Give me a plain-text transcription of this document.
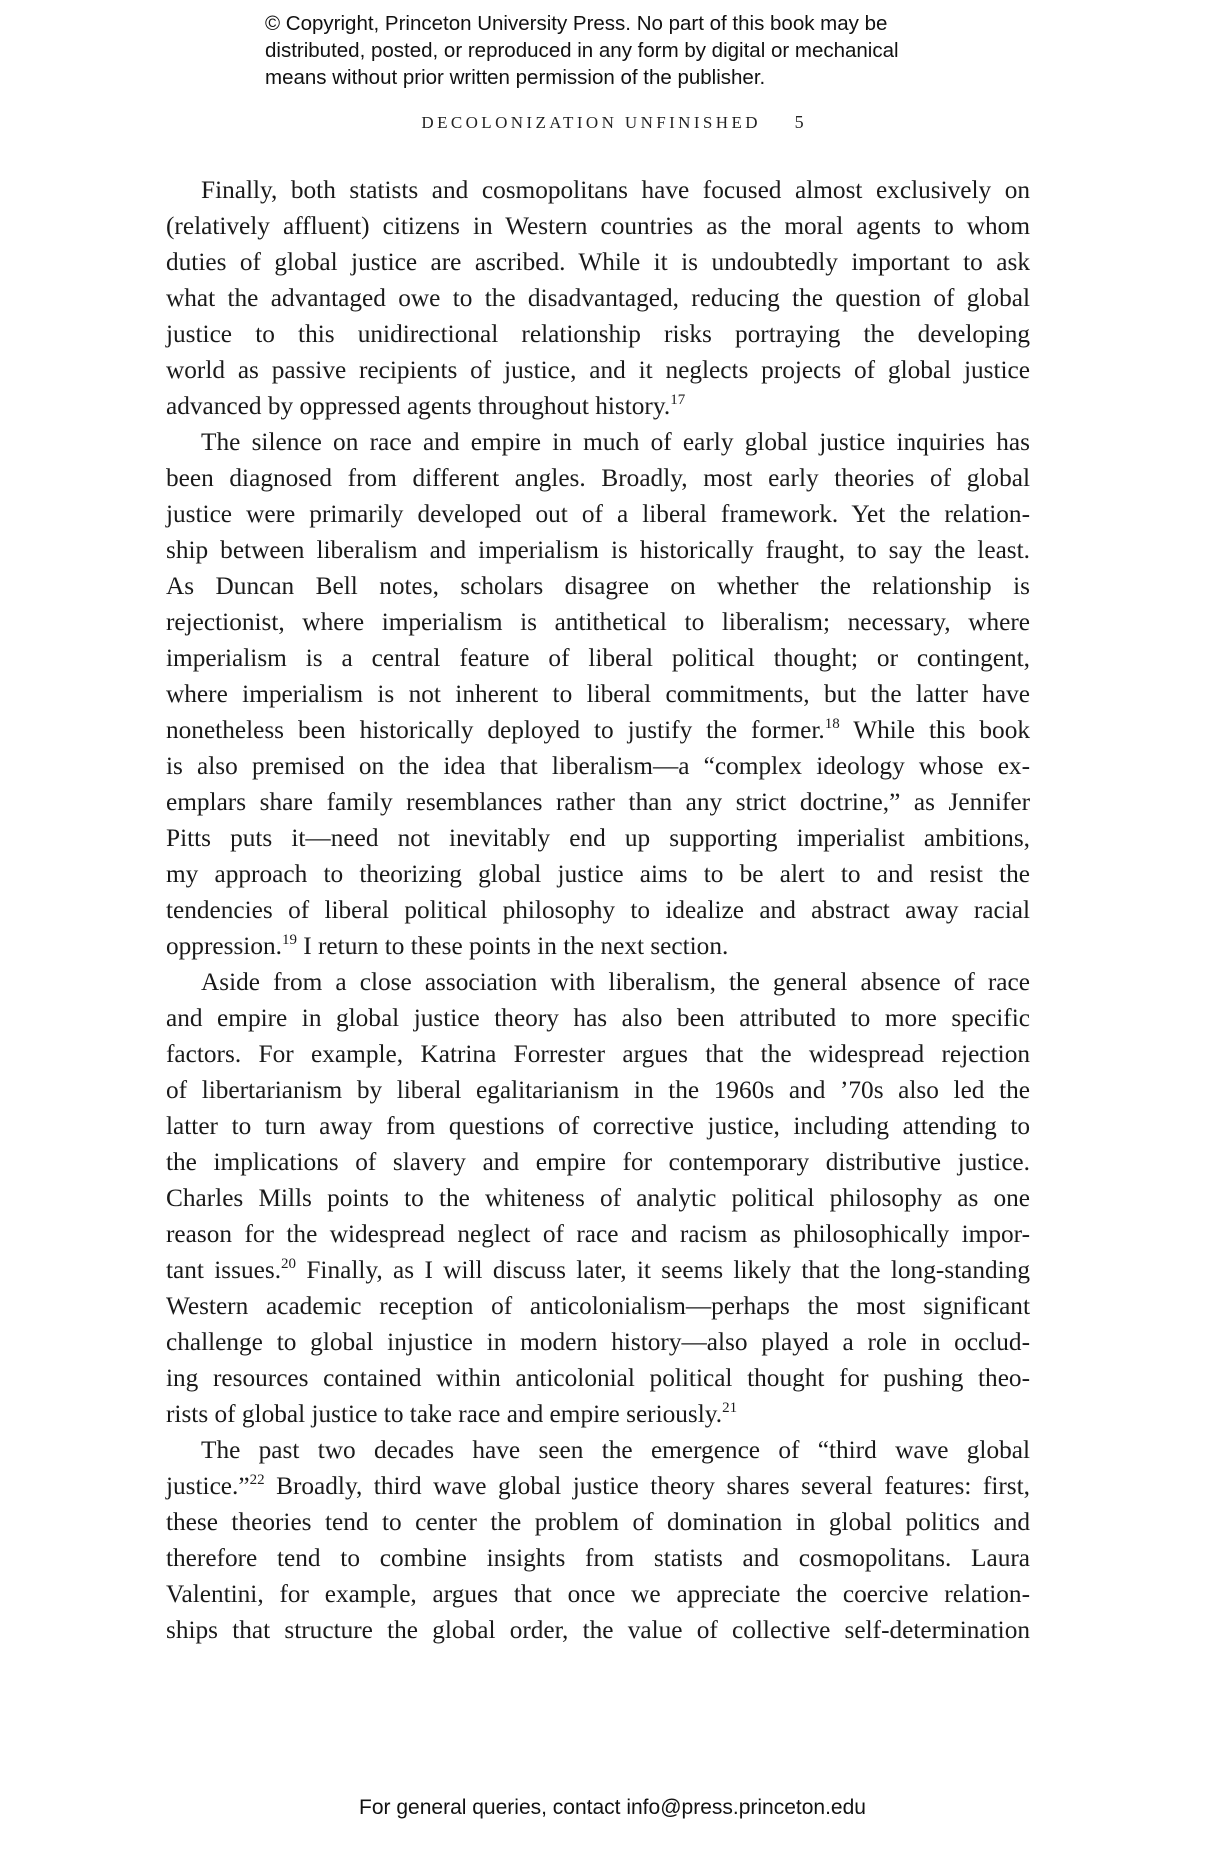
© Copyright, Princeton University Press. No part of this book may be
distributed, posted, or reproduced in any form by digital or mechanical
means without prior written permission of the publisher.
DECOLONIZATION UNFINISHED 5
Finally, both statists and cosmopolitans have focused almost exclusively on
(relatively affluent) citizens in Western countries as the moral agents to whom
duties of global justice are ascribed. While it is undoubtedly important to ask
what the advantaged owe to the disadvantaged, reducing the question of global
justice to this unidirectional relationship risks portraying the developing
world as passive recipients of justice, and it neglects projects of global justice
advanced by oppressed agents throughout history.$^{17}$
The silence on race and empire in much of early global justice inquiries has
been diagnosed from different angles. Broadly, most early theories of global
justice were primarily developed out of a liberal framework. Yet the relation-
ship between liberalism and imperialism is historically fraught, to say the least.
As Duncan Bell notes, scholars disagree on whether the relationship is
rejectionist, where imperialism is antithetical to liberalism; necessary, where
imperialism is a central feature of liberal political thought; or contingent,
where imperialism is not inherent to liberal commitments, but the latter have
nonetheless been historically deployed to justify the former.$^{18}$ While this book
is also premised on the idea that liberalism—a “complex ideology whose ex-
emplars share family resemblances rather than any strict doctrine,” as Jennifer
Pitts puts it—need not inevitably end up supporting imperialist ambitions,
my approach to theorizing global justice aims to be alert to and resist the
tendencies of liberal political philosophy to idealize and abstract away racial
oppression.$^{19}$ I return to these points in the next section.
Aside from a close association with liberalism, the general absence of race
and empire in global justice theory has also been attributed to more specific
factors. For example, Katrina Forrester argues that the widespread rejection
of libertarianism by liberal egalitarianism in the 1960s and ’70s also led the
latter to turn away from questions of corrective justice, including attending to
the implications of slavery and empire for contemporary distributive justice.
Charles Mills points to the whiteness of analytic political philosophy as one
reason for the widespread neglect of race and racism as philosophically impor-
tant issues.$^{20}$ Finally, as I will discuss later, it seems likely that the long-standing
Western academic reception of anticolonialism—perhaps the most significant
challenge to global injustice in modern history—also played a role in occlud-
ing resources contained within anticolonial political thought for pushing theo-
rists of global justice to take race and empire seriously.$^{21}$
The past two decades have seen the emergence of “third wave global
justice.”$^{22}$ Broadly, third wave global justice theory shares several features: first,
these theories tend to center the problem of domination in global politics and
therefore tend to combine insights from statists and cosmopolitans. Laura
Valentini, for example, argues that once we appreciate the coercive relation-
ships that structure the global order, the value of collective self-determination
For general queries, contact info@press.princeton.edu
